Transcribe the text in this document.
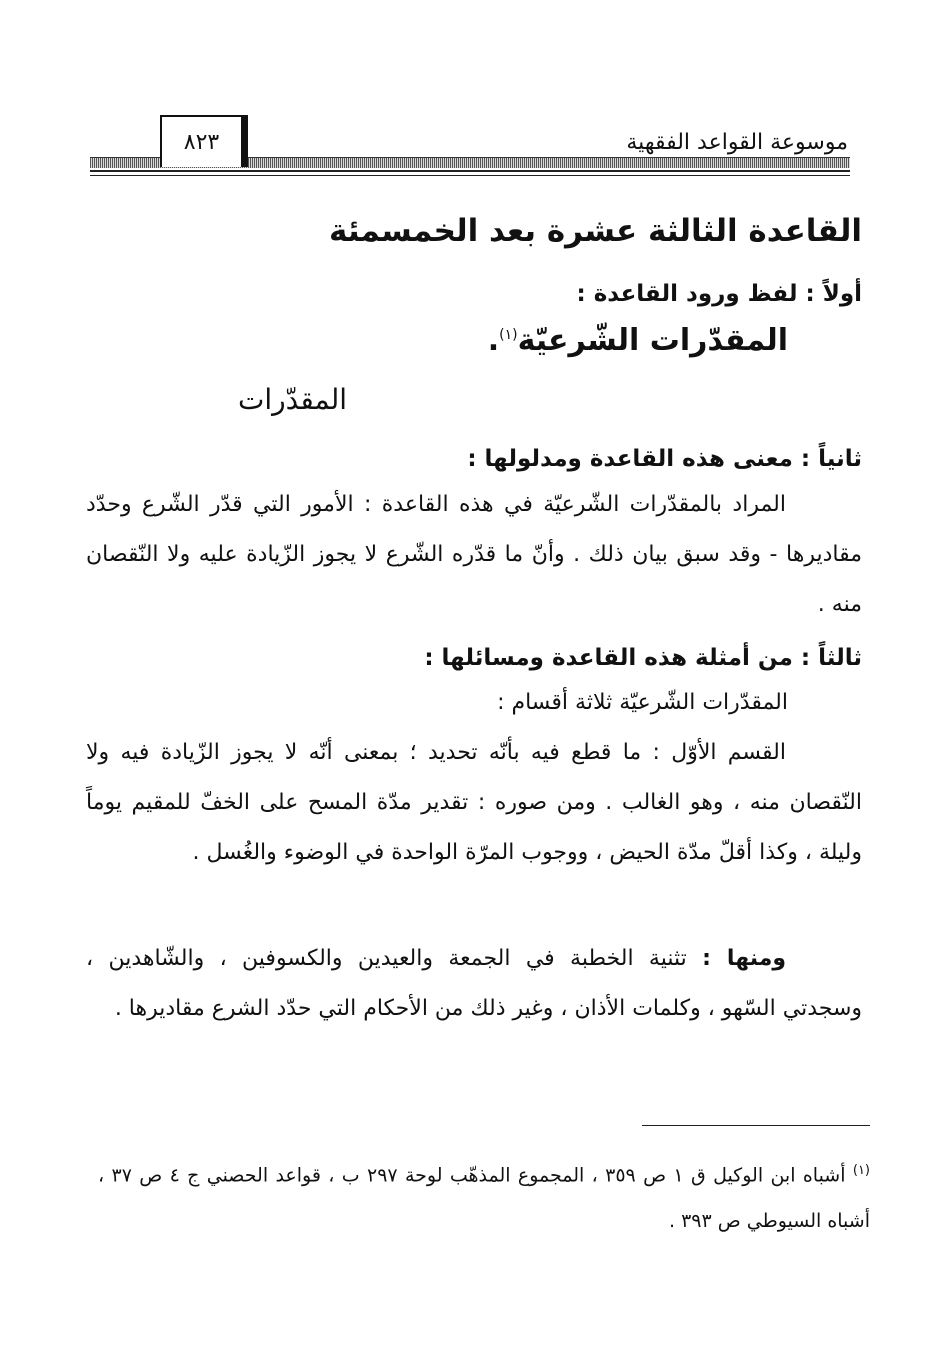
موسوعة القواعد الفقهية
٨٢٣
القاعدة الثالثة عشرة بعد الخمسمئة
أولاً : لفظ ورود القاعدة :
المقدّرات الشّرعيّة$^{(١)}$.
المقدّرات
ثانياً : معنى هذه القاعدة ومدلولها :
المراد بالمقدّرات الشّرعيّة في هذه القاعدة : الأمور التي قدّر الشّرع وحدّد مقاديرها - وقد سبق بيان ذلك . وأنّ ما قدّره الشّرع لا يجوز الزّيادة عليه ولا النّقصان منه .
ثالثاً : من أمثلة هذه القاعدة ومسائلها :
المقدّرات الشّرعيّة ثلاثة أقسام :
القسم الأوّل : ما قطع فيه بأنّه تحديد ؛ بمعنى أنّه لا يجوز الزّيادة فيه ولا النّقصان منه ، وهو الغالب . ومن صوره : تقدير مدّة المسح على الخفّ للمقيم يوماً وليلة ، وكذا أقلّ مدّة الحيض ، ووجوب المرّة الواحدة في الوضوء والغُسل .
ومنها : تثنية الخطبة في الجمعة والعيدين والكسوفين ، والشّاهدين ، وسجدتي السّهو ، وكلمات الأذان ، وغير ذلك من الأحكام التي حدّد الشرع مقاديرها .
$^{(١)}$ أشباه ابن الوكيل ق ١ ص ٣٥٩ ، المجموع المذهّب لوحة ٢٩٧ ب ، قواعد الحصني ج ٤ ص ٣٧ ، أشباه السيوطي ص ٣٩٣ .
